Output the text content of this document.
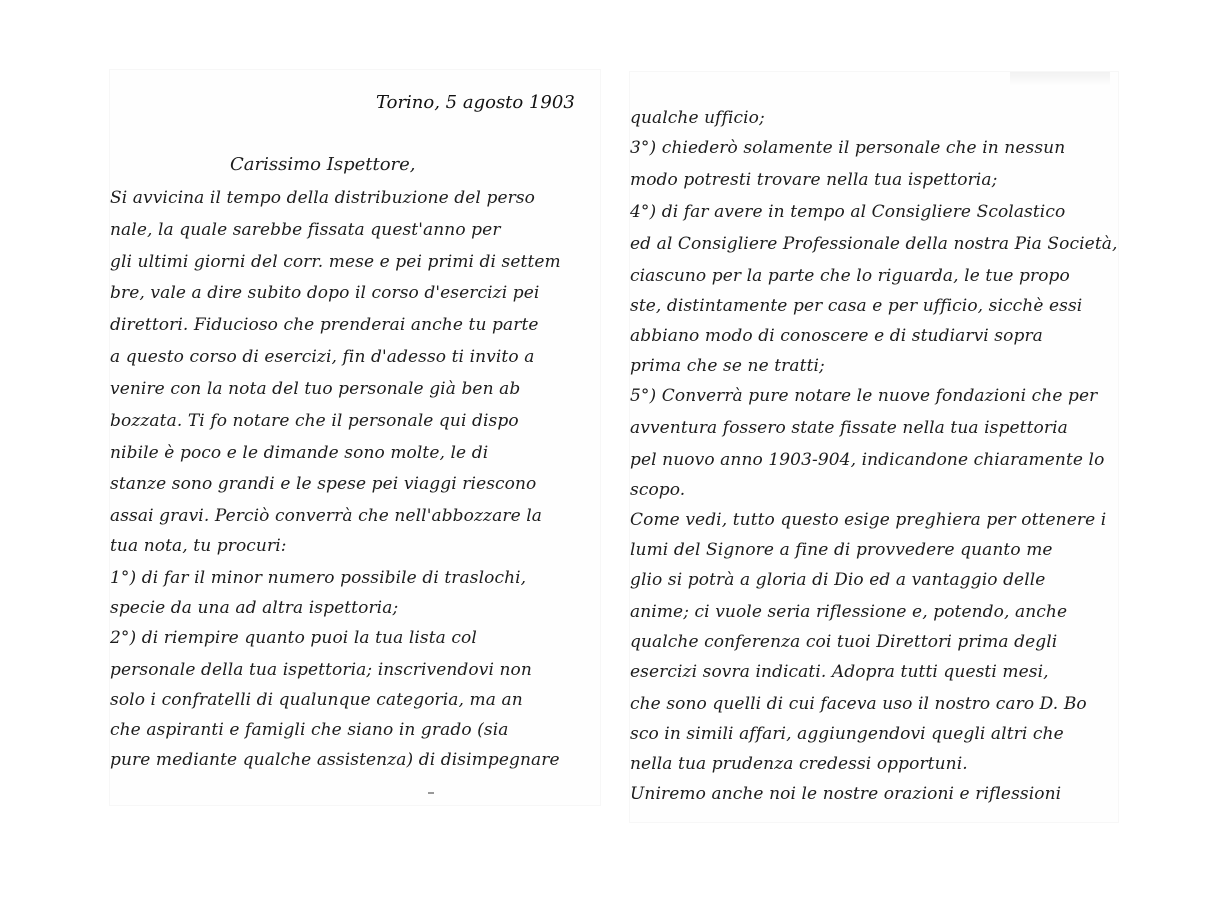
Torino, 5 agosto 1903
Carissimo Ispettore,
Si avvicina il tempo della distribuzione del perso
nale, la quale sarebbe fissata quest'anno per
gli ultimi giorni del corr. mese e pei primi di settem
bre, vale a dire subito dopo il corso d'esercizi pei
direttori. Fiducioso che prenderai anche tu parte
a questo corso di esercizi, fin d'adesso ti invito a
venire con la nota del tuo personale già ben ab
bozzata. Ti fo notare che il personale qui dispo
nibile è poco e le dimande sono molte, le di
stanze sono grandi e le spese pei viaggi riescono
assai gravi. Perciò converrà che nell'abbozzare la
tua nota, tu procuri:
1°) di far il minor numero possibile di traslochi,
specie da una ad altra ispettoria;
2°) di riempire quanto puoi la tua lista col
personale della tua ispettoria; inscrivendovi non
solo i confratelli di qualunque categoria, ma an
che aspiranti e famigli che siano in grado (sia
pure mediante qualche assistenza) di disimpegnare
qualche ufficio;
3°) chiederò solamente il personale che in nessun
modo potresti trovare nella tua ispettoria;
4°) di far avere in tempo al Consigliere Scolastico
ed al Consigliere Professionale della nostra Pia Società,
ciascuno per la parte che lo riguarda, le tue propo
ste, distintamente per casa e per ufficio, sicchè essi
abbiano modo di conoscere e di studiarvi sopra
prima che se ne tratti;
5°) Converrà pure notare le nuove fondazioni che per
avventura fossero state fissate nella tua ispettoria
pel nuovo anno 1903-904, indicandone chiaramente lo
scopo.
Come vedi, tutto questo esige preghiera per ottenere i
lumi del Signore a fine di provvedere quanto me
glio si potrà a gloria di Dio ed a vantaggio delle
anime; ci vuole seria riflessione e, potendo, anche
qualche conferenza coi tuoi Direttori prima degli
esercizi sovra indicati. Adopra tutti questi mesi,
che sono quelli di cui faceva uso il nostro caro D. Bo
sco in simili affari, aggiungendovi quegli altri che
nella tua prudenza credessi opportuni.
Uniremo anche noi le nostre orazioni e riflessioni
